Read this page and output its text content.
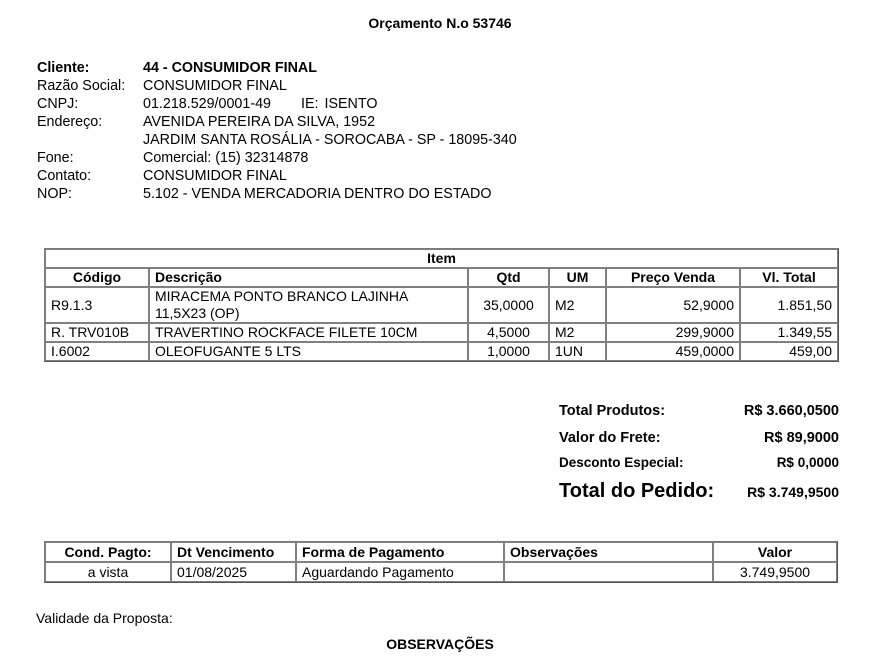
Orçamento N.o 53746
Cliente:	44 - CONSUMIDOR FINAL
Razão Social:	CONSUMIDOR FINAL
CNPJ:	01.218.529/0001-49 IE: ISENTO
Endereço:	AVENIDA PEREIRA DA SILVA, 1952
JARDIM SANTA ROSÁLIA - SOROCABA - SP - 18095-340
Fone:	Comercial: (15) 32314878
Contato:	CONSUMIDOR FINAL
NOP:	5.102 - VENDA MERCADORIA DENTRO DO ESTADO
Item					
Código	Descrição	Qtd	UM	Preço Venda	Vl. Total
R9.1.3	MIRACEMA PONTO BRANCO LAJINHA 11,5X23 (OP)	35,0000	M2	52,9000	1.851,50
R. TRV010B	TRAVERTINO ROCKFACE FILETE 10CM	4,5000	M2	299,9000	1.349,55
I.6002	OLEOFUGANTE 5 LTS	1,0000	1UN	459,0000	459,00
Total Produtos:	R$ 3.660,0500
Valor do Frete:	R$ 89,9000
Desconto Especial:	R$ 0,0000
Total do Pedido: R$ 3.749,9500
Cond. Pagto:	Dt Vencimento	Forma de Pagamento	Observações	Valor
a vista	01/08/2025	Aguardando Pagamento		3.749,9500
Validade da Proposta:
OBSERVAÇÕES
